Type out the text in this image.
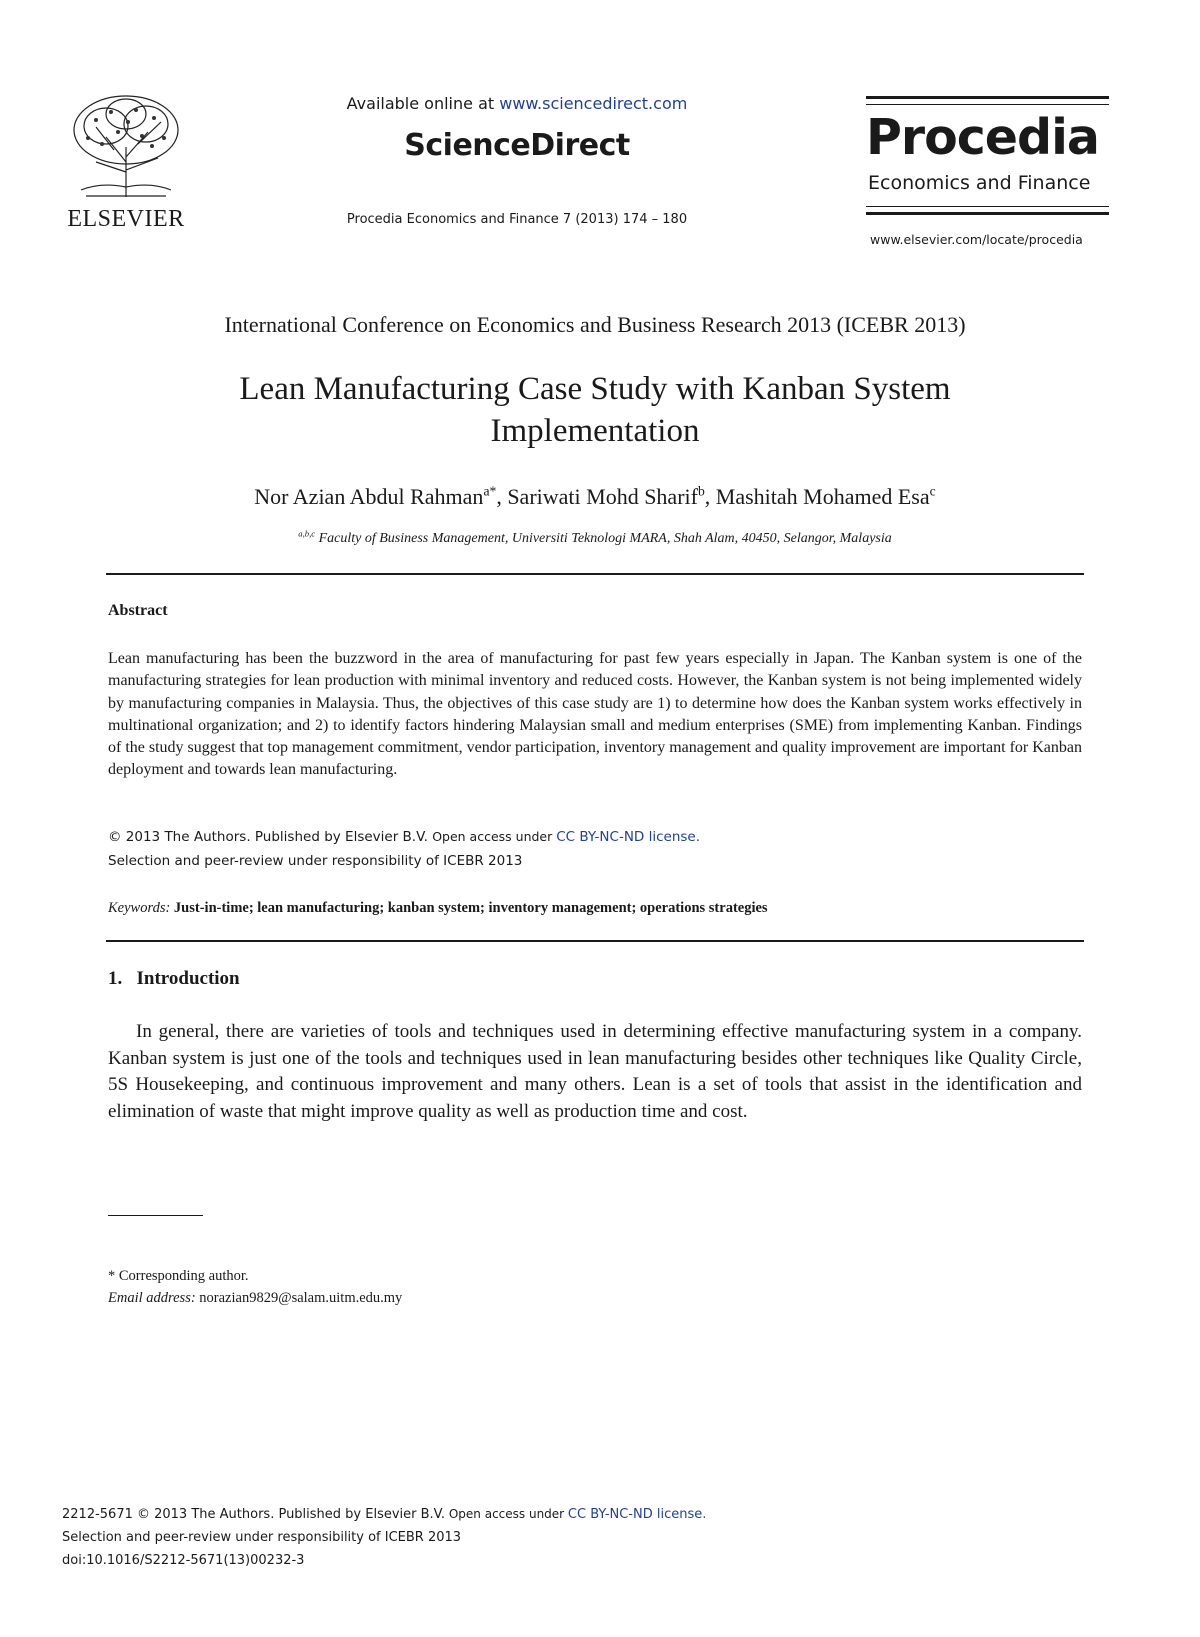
ELSEVIER
Available online at www.sciencedirect.com
ScienceDirect
Procedia Economics and Finance 7 (2013) 174 – 180
Procedia
Economics and Finance
www.elsevier.com/locate/procedia
International Conference on Economics and Business Research 2013 (ICEBR 2013)
Lean Manufacturing Case Study with Kanban System
Implementation
Nor Azian Abdul Rahman$^{a*}$, Sariwati Mohd Sharif$^b$, Mashitah Mohamed Esa$^c$
$^{a,b,c}$ Faculty of Business Management, Universiti Teknologi MARA, Shah Alam, 40450, Selangor, Malaysia
Abstract
Lean manufacturing has been the buzzword in the area of manufacturing for past few years especially in Japan. The Kanban system is one of the manufacturing strategies for lean production with minimal inventory and reduced costs. However, the Kanban system is not being implemented widely by manufacturing companies in Malaysia. Thus, the objectives of this case study are 1) to determine how does the Kanban system works effectively in multinational organization; and 2) to identify factors hindering Malaysian small and medium enterprises (SME) from implementing Kanban. Findings of the study suggest that top management commitment, vendor participation, inventory management and quality improvement are important for Kanban deployment and towards lean manufacturing.
© 2013 The Authors. Published by Elsevier B.V. Open access under CC BY-NC-ND license.
Selection and peer-review under responsibility of ICEBR 2013
Keywords: Just-in-time; lean manufacturing; kanban system; inventory management; operations strategies
1.   Introduction
In general, there are varieties of tools and techniques used in determining effective manufacturing system in a company. Kanban system is just one of the tools and techniques used in lean manufacturing besides other techniques like Quality Circle, 5S Housekeeping, and continuous improvement and many others. Lean is a set of tools that assist in the identification and elimination of waste that might improve quality as well as production time and cost.
* Corresponding author.
Email address: norazian9829@salam.uitm.edu.my
2212-5671 © 2013 The Authors. Published by Elsevier B.V. Open access under CC BY-NC-ND license.
Selection and peer-review under responsibility of ICEBR 2013
doi:10.1016/S2212-5671(13)00232-3
